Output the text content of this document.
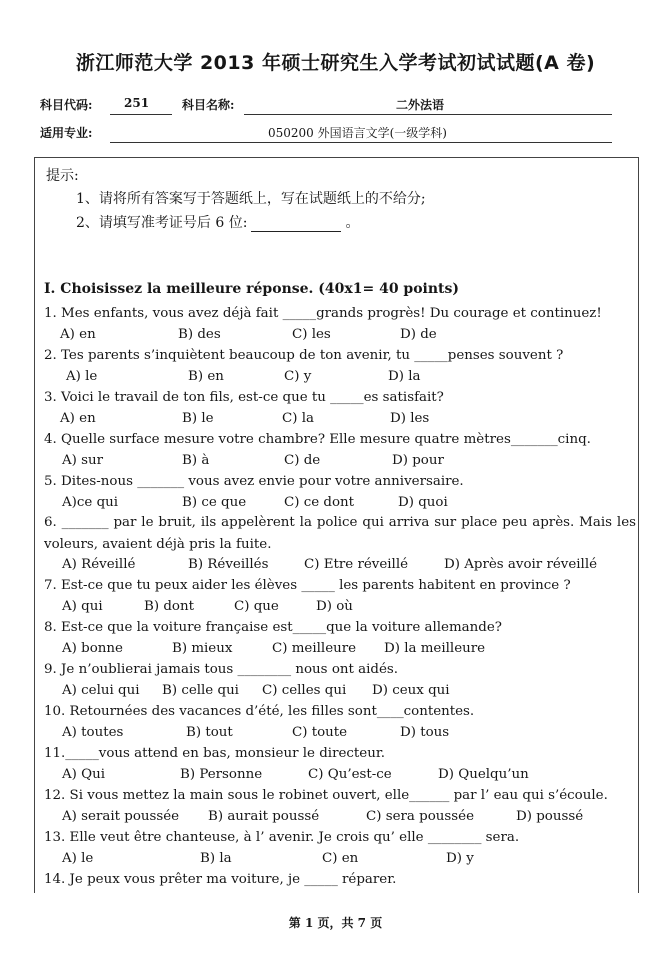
浙江师范大学 2013 年硕士研究生入学考试初试试题(A 卷)
科目代码:	251	科目名称:	二外法语
适用专业:	050200 外国语言文学(一级学科)
提示:
1、请将所有答案写于答题纸上，写在试题纸上的不给分;
2、请填写准考证号后 6 位:	。
I. Choisissez la meilleure réponse. (40x1= 40 points)
1. Mes enfants, vous avez déjà fait _____grands progrès! Du courage et continuez!
A) en	B) des	C) les	D) de
2. Tes parents s’inquiètent beaucoup de ton avenir, tu _____penses souvent ?
A) le	B) en	C) y	D) la
3. Voici le travail de ton fils, est-ce que tu _____es satisfait?
A) en	B) le	C) la	D) les
4. Quelle surface mesure votre chambre? Elle mesure quatre mètres_______cinq.
A) sur	B) à	C) de	D) pour
5. Dites-nous _______ vous avez envie pour votre anniversaire.
A)ce qui	B) ce que	C) ce dont	D) quoi
6. _______ par le bruit, ils appelèrent la police qui arriva sur place peu après. Mais les voleurs, avaient déjà pris la fuite.
A) Réveillé	B) Réveillés	C) Etre réveillé	D) Après avoir réveillé
7. Est-ce que tu peux aider les élèves _____ les parents habitent en province ?
A) qui	B) dont	C) que	D) où
8. Est-ce que la voiture française est_____que la voiture allemande?
A) bonne	B) mieux	C) meilleure D) la meilleure
9. Je n’oublierai jamais tous ________ nous ont aidés.
A) celui qui B) celle qui C) celles qui D) ceux qui
10. Retournées des vacances d’été, les filles sont____contentes.
A) toutes	B) tout	C) toute	D) tous
11._____vous attend en bas, monsieur le directeur.
A) Qui	B) Personne	C) Qu’est-ce	D) Quelqu’un
12. Si vous mettez la main sous le robinet ouvert, elle______ par l’ eau qui s’écoule.
A) serait poussée B) aurait poussé	C) sera poussée	D) poussé
13. Elle veut être chanteuse, à l’ avenir. Je crois qu’ elle ________ sera.
A) le	B) la	C) en	D) y
14. Je peux vous prêter ma voiture, je _____ réparer.
第 1 页，共 7 页
